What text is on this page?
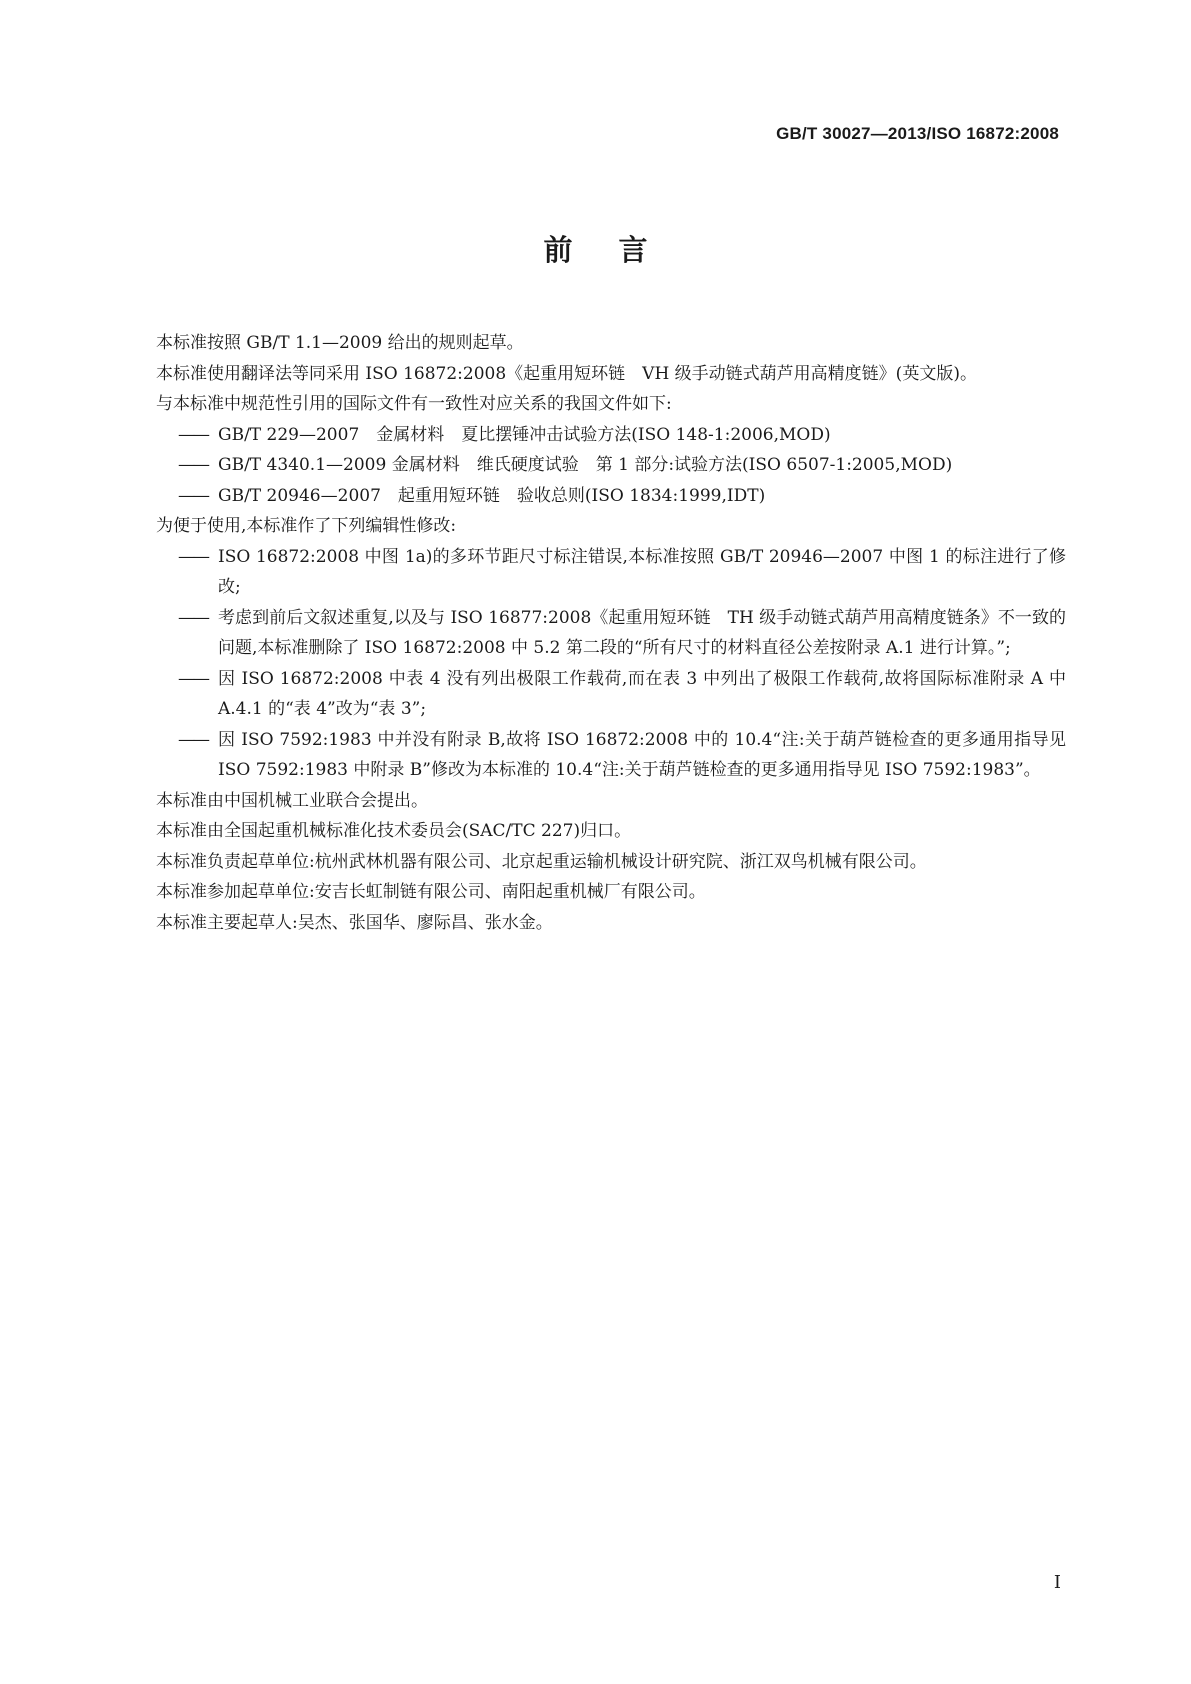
GB/T 30027—2013/ISO 16872:2008
前言

本标准按照 GB/T 1.1—2009 给出的规则起草。

本标准使用翻译法等同采用 ISO 16872:2008《起重用短环链　VH 级手动链式葫芦用高精度链》(英文版)。

与本标准中规范性引用的国际文件有一致性对应关系的我国文件如下:

—— GB/T 229—2007　金属材料　夏比摆锤冲击试验方法(ISO 148-1:2006,MOD)

—— GB/T 4340.1—2009 金属材料　维氏硬度试验　第 1 部分:试验方法(ISO 6507-1:2005,MOD)

—— GB/T 20946—2007　起重用短环链　验收总则(ISO 1834:1999,IDT)

为便于使用,本标准作了下列编辑性修改:

—— ISO 16872:2008 中图 1a)的多环节距尺寸标注错误,本标准按照 GB/T 20946—2007 中图 1 的标注进行了修改;

—— 考虑到前后文叙述重复,以及与 ISO 16877:2008《起重用短环链　TH 级手动链式葫芦用高精度链条》不一致的问题,本标准删除了 ISO 16872:2008 中 5.2 第二段的“所有尺寸的材料直径公差按附录 A.1 进行计算。”;

—— 因 ISO 16872:2008 中表 4 没有列出极限工作载荷,而在表 3 中列出了极限工作载荷,故将国际标准附录 A 中 A.4.1 的“表 4”改为“表 3”;

—— 因 ISO 7592:1983 中并没有附录 B,故将 ISO 16872:2008 中的 10.4“注:关于葫芦链检查的更多通用指导见 ISO 7592:1983 中附录 B”修改为本标准的 10.4“注:关于葫芦链检查的更多通用指导见 ISO 7592:1983”。

本标准由中国机械工业联合会提出。

本标准由全国起重机械标准化技术委员会(SAC/TC 227)归口。

本标准负责起草单位:杭州武林机器有限公司、北京起重运输机械设计研究院、浙江双鸟机械有限公司。

本标准参加起草单位:安吉长虹制链有限公司、南阳起重机械厂有限公司。

本标准主要起草人:吴杰、张国华、廖际昌、张水金。

I
